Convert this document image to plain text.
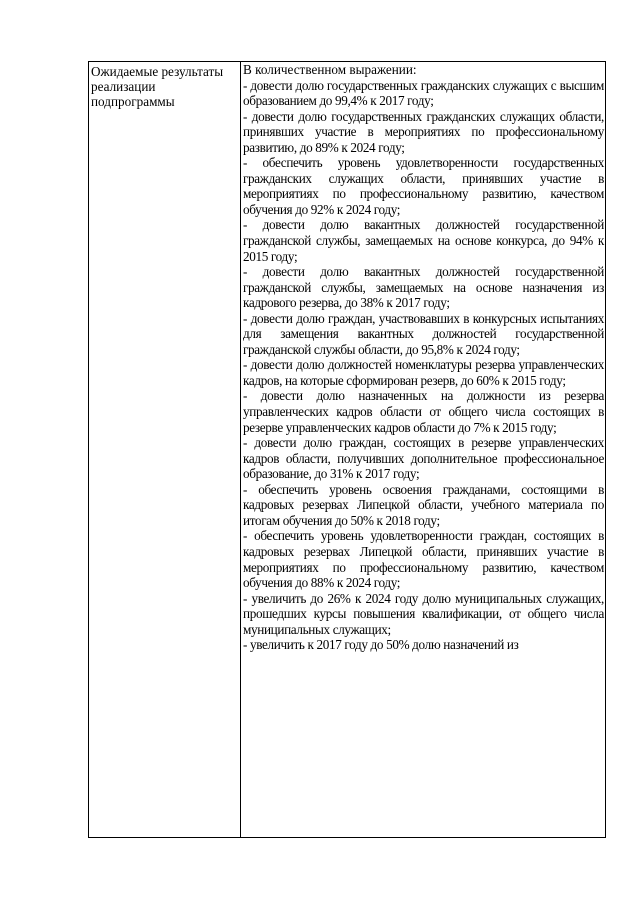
Ожидаемые результаты реализации подпрограммы

В количественном выражении:

- довести долю государственных гражданских служащих с высшим образованием до 99,4% к 2017 году;

- довести долю государственных гражданских служащих области, принявших участие в мероприятиях по профессиональному развитию, до 89% к 2024 году;

- обеспечить уровень удовлетворенности государственных гражданских служащих области, принявших участие в мероприятиях по профессиональному развитию, качеством обучения до 92% к 2024 году;

- довести долю вакантных должностей государственной гражданской службы, замещаемых на основе конкурса, до 94% к 2015 году;

- довести долю вакантных должностей государственной гражданской службы, замещаемых на основе назначения из кадрового резерва, до 38% к 2017 году;

- довести долю граждан, участвовавших в конкурсных испытаниях для замещения вакантных должностей государственной гражданской службы области, до 95,8% к 2024 году;

- довести долю должностей номенклатуры резерва управленческих кадров, на которые сформирован резерв, до 60% к 2015 году;

- довести долю назначенных на должности из резерва управленческих кадров области от общего числа состоящих в резерве управленческих кадров области до 7% к 2015 году;

- довести долю граждан, состоящих в резерве управленческих кадров области, получивших дополнительное профессиональное образование, до 31% к 2017 году;

- обеспечить уровень освоения гражданами, состоящими в кадровых резервах Липецкой области, учебного материала по итогам обучения до 50% к 2018 году;

- обеспечить уровень удовлетворенности граждан, состоящих в кадровых резервах Липецкой области, принявших участие в мероприятиях по профессиональному развитию, качеством обучения до 88% к 2024 году;

- увеличить до 26% к 2024 году долю муниципальных служащих, прошедших курсы повышения квалификации, от общего числа муниципальных служащих;

- увеличить к 2017 году до 50% долю назначений из
